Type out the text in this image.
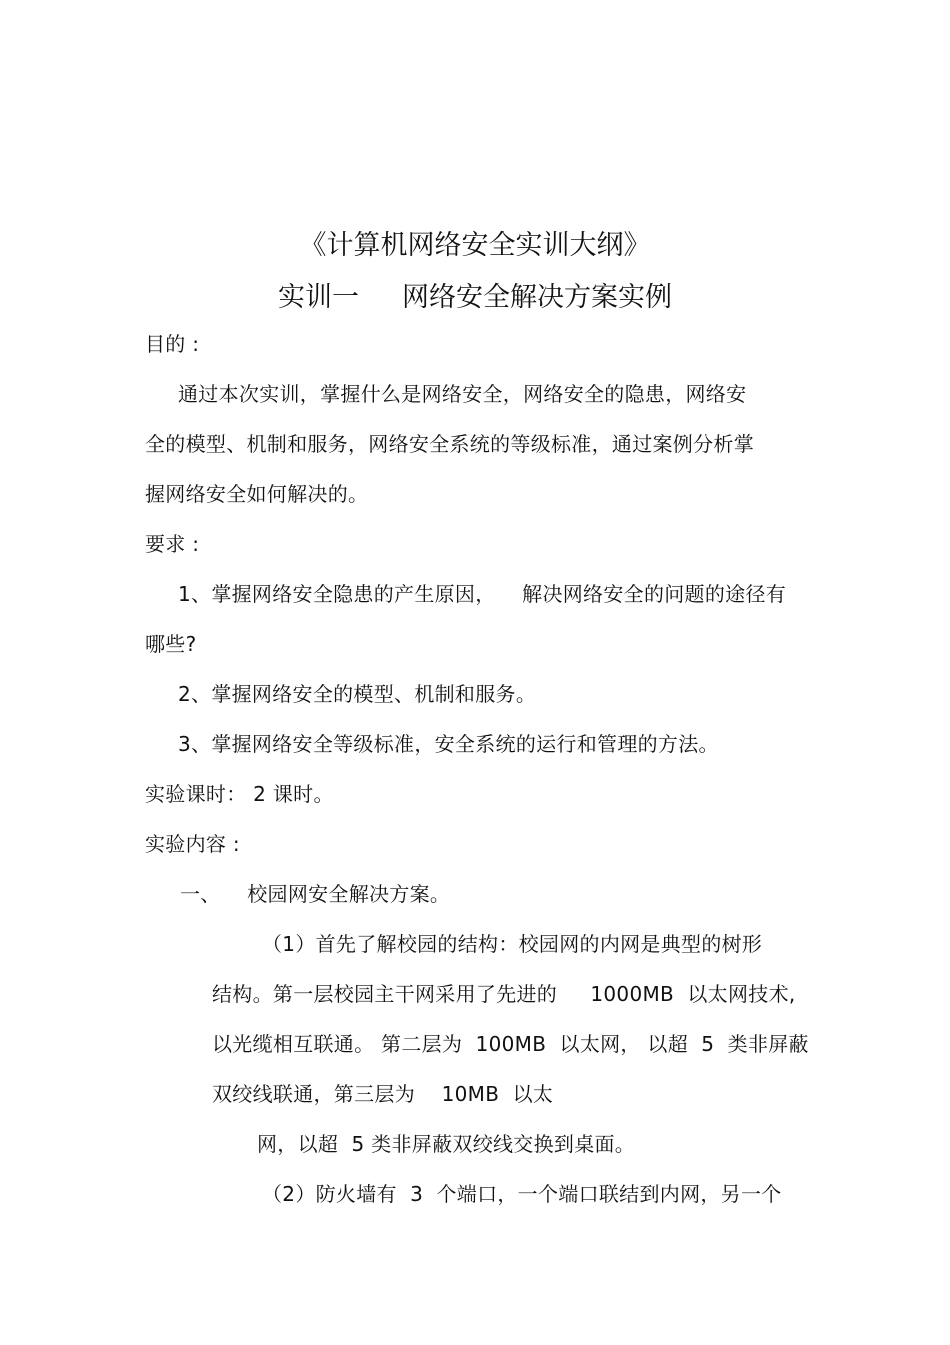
《计算机网络安全实训大纲》
实训一     网络安全解决方案实例
目的 :
通过本次实训，掌握什么是网络安全，网络安全的隐患，网络安
全的模型、机制和服务，网络安全系统的等级标准，通过案例分析掌
握网络安全如何解决的。
要求 :
1、掌握网络安全隐患的产生原因，    解决网络安全的问题的途径有
哪些?
2、掌握网络安全的模型、机制和服务。
3、掌握网络安全等级标准，安全系统的运行和管理的方法。
实验课时： 2 课时。
实验内容 :
一、    校园网安全解决方案。
（1）首先了解校园的结构：校园网的内网是典型的树形
结构。第一层校园主干网采用了先进的     1000MB  以太网技术,
以光缆相互联通。 第二层为  100MB  以太网， 以超  5  类非屏蔽
双绞线联通，第三层为    10MB  以太
网，以超  5 类非屏蔽双绞线交换到桌面。
（2）防火墙有  3  个端口，一个端口联结到内网，另一个
